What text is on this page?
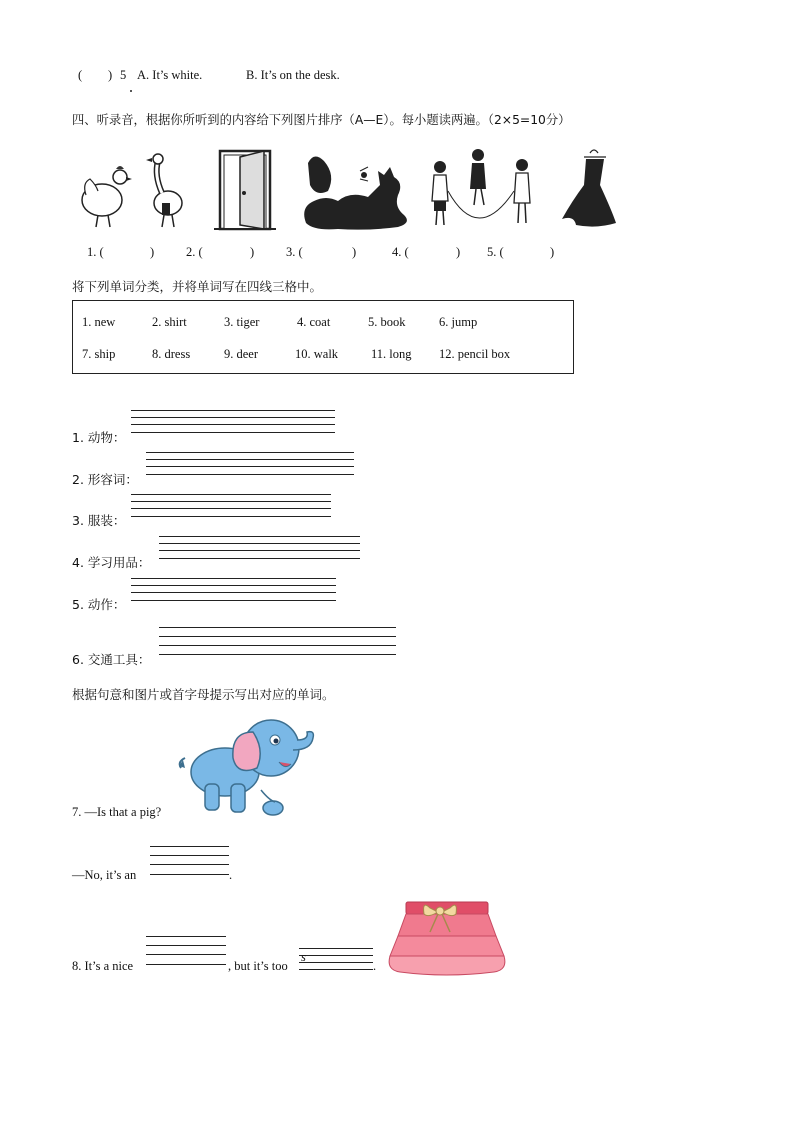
( ) 5 A. It’s white.	B. It’s on the desk.
四、听录音，根据你所听到的内容给下列图片排序（A—E）。每小题读两遍。（2×5=10分）
1. (	)	2. (	)	3. (	)	4. (	) 5. (	)
将下列单词分类，并将单词写在四线三格中。
1. new	2. shirt	3. tiger	4. coat	5. book	6. jump
7. ship	8. dress	9. deer	10. walk	11. long 12. pencil box
1. 动物：
2. 形容词：
3. 服装：
4. 学习用品：
5. 动作：
6. 交通工具：
根据句意和图片或首字母提示写出对应的单词。
7. —Is that a pig?
—No, it’s an	.
8. It’s a nice	, but it’s too
s
.
